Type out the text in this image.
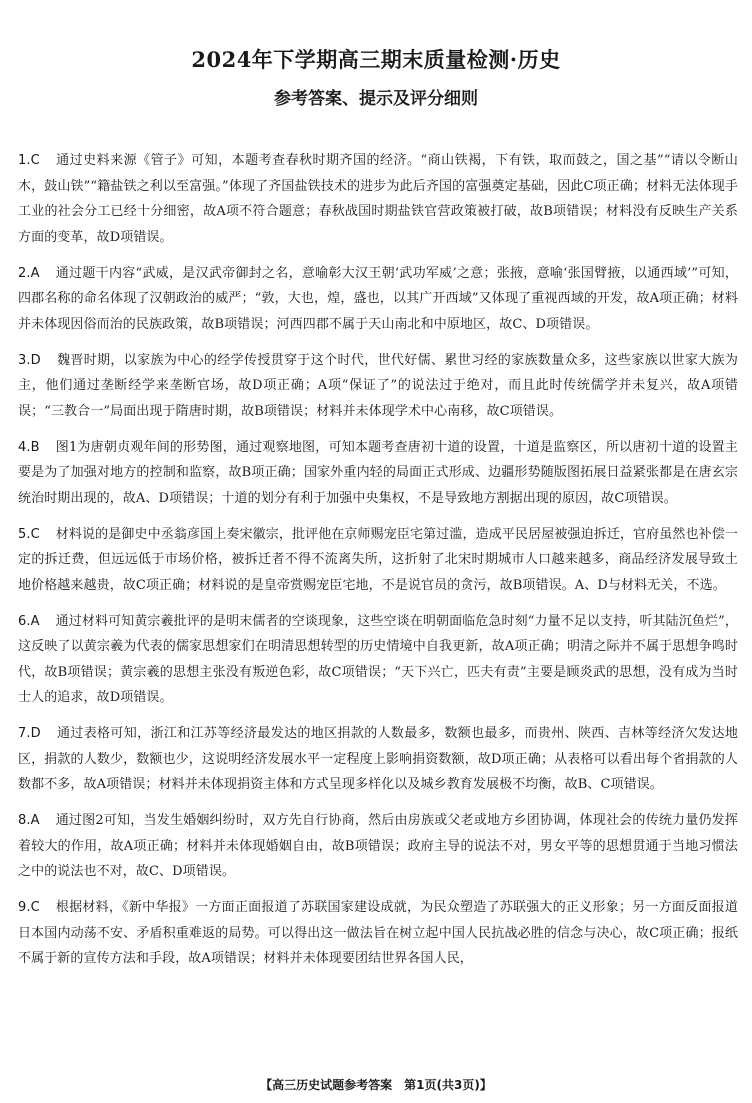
2024年下学期高三期末质量检测·历史
参考答案、提示及评分细则

1.C 通过史料来源《管子》可知，本题考查春秋时期齐国的经济。“商山铁褐，下有铁，取而鼓之，国之基”“请以令断山木，鼓山铁”“籍盐铁之利以至富强。”体现了齐国盐铁技术的进步为此后齐国的富强奠定基础，因此C项正确；材料无法体现手工业的社会分工已经十分细密，故A项不符合题意；春秋战国时期盐铁官营政策被打破，故B项错误；材料没有反映生产关系方面的变革，故D项错误。

2.A 通过题干内容“武威，是汉武帝御封之名，意喻彰大汉王朝‘武功军威’之意；张掖，意喻‘张国臂掖，以通西域’”可知，四郡名称的命名体现了汉朝政治的威严；“敦，大也，煌，盛也，以其广开西域”又体现了重视西域的开发，故A项正确；材料并未体现因俗而治的民族政策，故B项错误；河西四郡不属于天山南北和中原地区，故C、D项错误。

3.D 魏晋时期，以家族为中心的经学传授贯穿于这个时代，世代好儒、累世习经的家族数量众多，这些家族以世家大族为主，他们通过垄断经学来垄断官场，故D项正确；A项“保证了”的说法过于绝对，而且此时传统儒学并未复兴，故A项错误；“三教合一”局面出现于隋唐时期，故B项错误；材料并未体现学术中心南移，故C项错误。

4.B 图1为唐朝贞观年间的形势图，通过观察地图，可知本题考查唐初十道的设置，十道是监察区，所以唐初十道的设置主要是为了加强对地方的控制和监察，故B项正确；国家外重内轻的局面正式形成、边疆形势随版图拓展日益紧张都是在唐玄宗统治时期出现的，故A、D项错误；十道的划分有利于加强中央集权，不是导致地方割据出现的原因，故C项错误。

5.C 材料说的是御史中丞翁彦国上奏宋徽宗，批评他在京师赐宠臣宅第过滥，造成平民居屋被强迫拆迁，官府虽然也补偿一定的拆迁费，但远远低于市场价格，被拆迁者不得不流离失所，这折射了北宋时期城市人口越来越多，商品经济发展导致土地价格越来越贵，故C项正确；材料说的是皇帝赏赐宠臣宅地，不是说官员的贪污，故B项错误。A、D与材料无关，不选。

6.A 通过材料可知黄宗羲批评的是明末儒者的空谈现象，这些空谈在明朝面临危急时刻“力量不足以支持，听其陆沉鱼烂”，这反映了以黄宗羲为代表的儒家思想家们在明清思想转型的历史情境中自我更新，故A项正确；明清之际并不属于思想争鸣时代，故B项错误；黄宗羲的思想主张没有叛逆色彩，故C项错误；“天下兴亡，匹夫有责”主要是顾炎武的思想，没有成为当时士人的追求，故D项错误。

7.D 通过表格可知，浙江和江苏等经济最发达的地区捐款的人数最多，数额也最多，而贵州、陕西、吉林等经济欠发达地区，捐款的人数少，数额也少，这说明经济发展水平一定程度上影响捐资数额，故D项正确；从表格可以看出每个省捐款的人数都不多，故A项错误；材料并未体现捐资主体和方式呈现多样化以及城乡教育发展极不均衡，故B、C项错误。

8.A 通过图2可知，当发生婚姻纠纷时，双方先自行协商，然后由房族或父老或地方乡团协调，体现社会的传统力量仍发挥着较大的作用，故A项正确；材料并未体现婚姻自由，故B项错误；政府主导的说法不对，男女平等的思想贯通于当地习惯法之中的说法也不对，故C、D项错误。

9.C 根据材料，《新中华报》一方面正面报道了苏联国家建设成就，为民众塑造了苏联强大的正义形象；另一方面反面报道日本国内动荡不安、矛盾积重难返的局势。可以得出这一做法旨在树立起中国人民抗战必胜的信念与决心，故C项正确；报纸不属于新的宣传方法和手段，故A项错误；材料并未体现要团结世界各国人民，

【高三历史试题参考答案　第1页(共3页)】
